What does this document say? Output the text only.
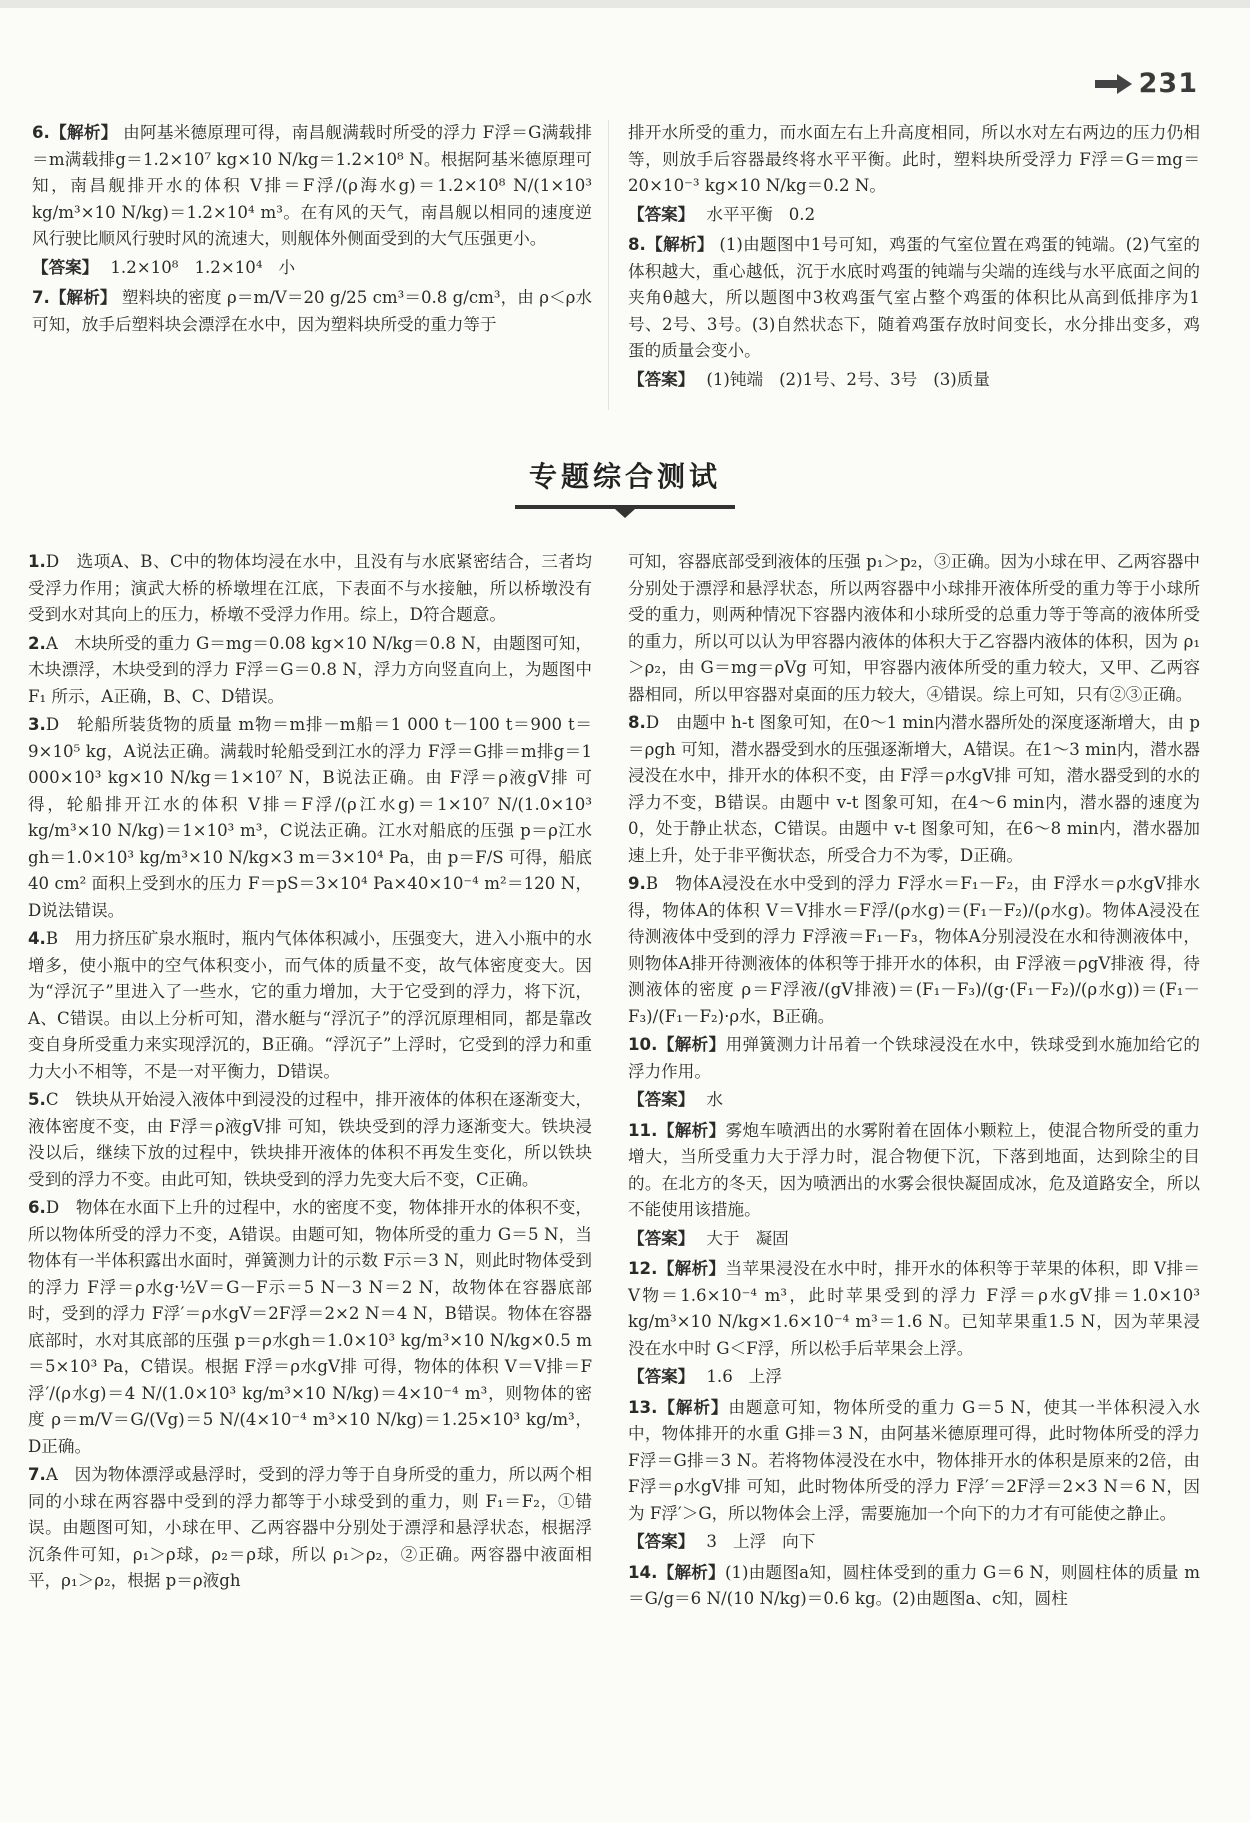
231
6.【解析】 由阿基米德原理可得，南昌舰满载时所受的浮力 F浮＝G满载排＝m满载排g＝1.2×10⁷ kg×10 N/kg＝1.2×10⁸ N。根据阿基米德原理可知，南昌舰排开水的体积 V排＝F浮/(ρ海水g)＝1.2×10⁸ N/(1×10³ kg/m³×10 N/kg)＝1.2×10⁴ m³。在有风的天气，南昌舰以相同的速度逆风行驶比顺风行驶时风的流速大，则舰体外侧面受到的大气压强更小。
【答案】 1.2×10⁸ 1.2×10⁴ 小
7.【解析】 塑料块的密度 ρ＝m/V＝20 g/25 cm³＝0.8 g/cm³，由 ρ＜ρ水 可知，放手后塑料块会漂浮在水中，因为塑料块所受的重力等于
排开水所受的重力，而水面左右上升高度相同，所以水对左右两边的压力仍相等，则放手后容器最终将水平平衡。此时，塑料块所受浮力 F浮＝G＝mg＝20×10⁻³ kg×10 N/kg＝0.2 N。
【答案】 水平平衡 0.2
8.【解析】 (1)由题图中1号可知，鸡蛋的气室位置在鸡蛋的钝端。(2)气室的体积越大，重心越低，沉于水底时鸡蛋的钝端与尖端的连线与水平底面之间的夹角θ越大，所以题图中3枚鸡蛋气室占整个鸡蛋的体积比从高到低排序为1号、2号、3号。(3)自然状态下，随着鸡蛋存放时间变长，水分排出变多，鸡蛋的质量会变小。
【答案】 (1)钝端 (2)1号、2号、3号 (3)质量
专题综合测试
1.D　选项A、B、C中的物体均浸在水中，且没有与水底紧密结合，三者均受浮力作用；演武大桥的桥墩埋在江底，下表面不与水接触，所以桥墩没有受到水对其向上的压力，桥墩不受浮力作用。综上，D符合题意。
2.A　木块所受的重力 G＝mg＝0.08 kg×10 N/kg＝0.8 N，由题图可知，木块漂浮，木块受到的浮力 F浮＝G＝0.8 N，浮力方向竖直向上，为题图中 F₁ 所示，A正确，B、C、D错误。
3.D　轮船所装货物的质量 m物＝m排－m船＝1 000 t－100 t＝900 t＝9×10⁵ kg，A说法正确。满载时轮船受到江水的浮力 F浮＝G排＝m排g＝1 000×10³ kg×10 N/kg＝1×10⁷ N，B说法正确。由 F浮＝ρ液gV排 可得，轮船排开江水的体积 V排＝F浮/(ρ江水g)＝1×10⁷ N/(1.0×10³ kg/m³×10 N/kg)＝1×10³ m³，C说法正确。江水对船底的压强 p＝ρ江水gh＝1.0×10³ kg/m³×10 N/kg×3 m＝3×10⁴ Pa，由 p＝F/S 可得，船底40 cm² 面积上受到水的压力 F＝pS＝3×10⁴ Pa×40×10⁻⁴ m²＝120 N，D说法错误。
4.B　用力挤压矿泉水瓶时，瓶内气体体积减小，压强变大，进入小瓶中的水增多，使小瓶中的空气体积变小，而气体的质量不变，故气体密度变大。因为“浮沉子”里进入了一些水，它的重力增加，大于它受到的浮力，将下沉，A、C错误。由以上分析可知，潜水艇与“浮沉子”的浮沉原理相同，都是靠改变自身所受重力来实现浮沉的，B正确。“浮沉子”上浮时，它受到的浮力和重力大小不相等，不是一对平衡力，D错误。
5.C　铁块从开始浸入液体中到浸没的过程中，排开液体的体积在逐渐变大，液体密度不变，由 F浮＝ρ液gV排 可知，铁块受到的浮力逐渐变大。铁块浸没以后，继续下放的过程中，铁块排开液体的体积不再发生变化，所以铁块受到的浮力不变。由此可知，铁块受到的浮力先变大后不变，C正确。
6.D　物体在水面下上升的过程中，水的密度不变，物体排开水的体积不变，所以物体所受的浮力不变，A错误。由题可知，物体所受的重力 G＝5 N，当物体有一半体积露出水面时，弹簧测力计的示数 F示＝3 N，则此时物体受到的浮力 F浮＝ρ水g·½V＝G－F示＝5 N－3 N＝2 N，故物体在容器底部时，受到的浮力 F浮′＝ρ水gV＝2F浮＝2×2 N＝4 N，B错误。物体在容器底部时，水对其底部的压强 p＝ρ水gh＝1.0×10³ kg/m³×10 N/kg×0.5 m＝5×10³ Pa，C错误。根据 F浮＝ρ水gV排 可得，物体的体积 V＝V排＝F浮′/(ρ水g)＝4 N/(1.0×10³ kg/m³×10 N/kg)＝4×10⁻⁴ m³，则物体的密度 ρ＝m/V＝G/(Vg)＝5 N/(4×10⁻⁴ m³×10 N/kg)＝1.25×10³ kg/m³，D正确。
7.A　因为物体漂浮或悬浮时，受到的浮力等于自身所受的重力，所以两个相同的小球在两容器中受到的浮力都等于小球受到的重力，则 F₁＝F₂，①错误。由题图可知，小球在甲、乙两容器中分别处于漂浮和悬浮状态，根据浮沉条件可知，ρ₁＞ρ球，ρ₂＝ρ球，所以 ρ₁＞ρ₂，②正确。两容器中液面相平，ρ₁＞ρ₂，根据 p＝ρ液gh
可知，容器底部受到液体的压强 p₁＞p₂，③正确。因为小球在甲、乙两容器中分别处于漂浮和悬浮状态，所以两容器中小球排开液体所受的重力等于小球所受的重力，则两种情况下容器内液体和小球所受的总重力等于等高的液体所受的重力，所以可以认为甲容器内液体的体积大于乙容器内液体的体积，因为 ρ₁＞ρ₂，由 G＝mg＝ρVg 可知，甲容器内液体所受的重力较大，又甲、乙两容器相同，所以甲容器对桌面的压力较大，④错误。综上可知，只有②③正确。
8.D　由题中 h-t 图象可知，在0～1 min内潜水器所处的深度逐渐增大，由 p＝ρgh 可知，潜水器受到水的压强逐渐增大，A错误。在1～3 min内，潜水器浸没在水中，排开水的体积不变，由 F浮＝ρ水gV排 可知，潜水器受到的水的浮力不变，B错误。由题中 v-t 图象可知，在4～6 min内，潜水器的速度为0，处于静止状态，C错误。由题中 v-t 图象可知，在6～8 min内，潜水器加速上升，处于非平衡状态，所受合力不为零，D正确。
9.B　物体A浸没在水中受到的浮力 F浮水＝F₁－F₂，由 F浮水＝ρ水gV排水 得，物体A的体积 V＝V排水＝F浮/(ρ水g)＝(F₁－F₂)/(ρ水g)。物体A浸没在待测液体中受到的浮力 F浮液＝F₁－F₃，物体A分别浸没在水和待测液体中，则物体A排开待测液体的体积等于排开水的体积，由 F浮液＝ρgV排液 得，待测液体的密度 ρ＝F浮液/(gV排液)＝(F₁－F₃)/(g·(F₁－F₂)/(ρ水g))＝(F₁－F₃)/(F₁－F₂)·ρ水，B正确。
10.【解析】用弹簧测力计吊着一个铁球浸没在水中，铁球受到水施加给它的浮力作用。
【答案】 水
11.【解析】雾炮车喷洒出的水雾附着在固体小颗粒上，使混合物所受的重力增大，当所受重力大于浮力时，混合物便下沉，下落到地面，达到除尘的目的。在北方的冬天，因为喷洒出的水雾会很快凝固成冰，危及道路安全，所以不能使用该措施。
【答案】 大于 凝固
12.【解析】当苹果浸没在水中时，排开水的体积等于苹果的体积，即 V排＝V物＝1.6×10⁻⁴ m³，此时苹果受到的浮力 F浮＝ρ水gV排＝1.0×10³ kg/m³×10 N/kg×1.6×10⁻⁴ m³＝1.6 N。已知苹果重1.5 N，因为苹果浸没在水中时 G＜F浮，所以松手后苹果会上浮。
【答案】 1.6 上浮
13.【解析】由题意可知，物体所受的重力 G＝5 N，使其一半体积浸入水中，物体排开的水重 G排＝3 N，由阿基米德原理可得，此时物体所受的浮力 F浮＝G排＝3 N。若将物体浸没在水中，物体排开水的体积是原来的2倍，由 F浮＝ρ水gV排 可知，此时物体所受的浮力 F浮′＝2F浮＝2×3 N＝6 N，因为 F浮′＞G，所以物体会上浮，需要施加一个向下的力才有可能使之静止。
【答案】 3 上浮 向下
14.【解析】(1)由题图a知，圆柱体受到的重力 G＝6 N，则圆柱体的质量 m＝G/g＝6 N/(10 N/kg)＝0.6 kg。(2)由题图a、c知，圆柱
